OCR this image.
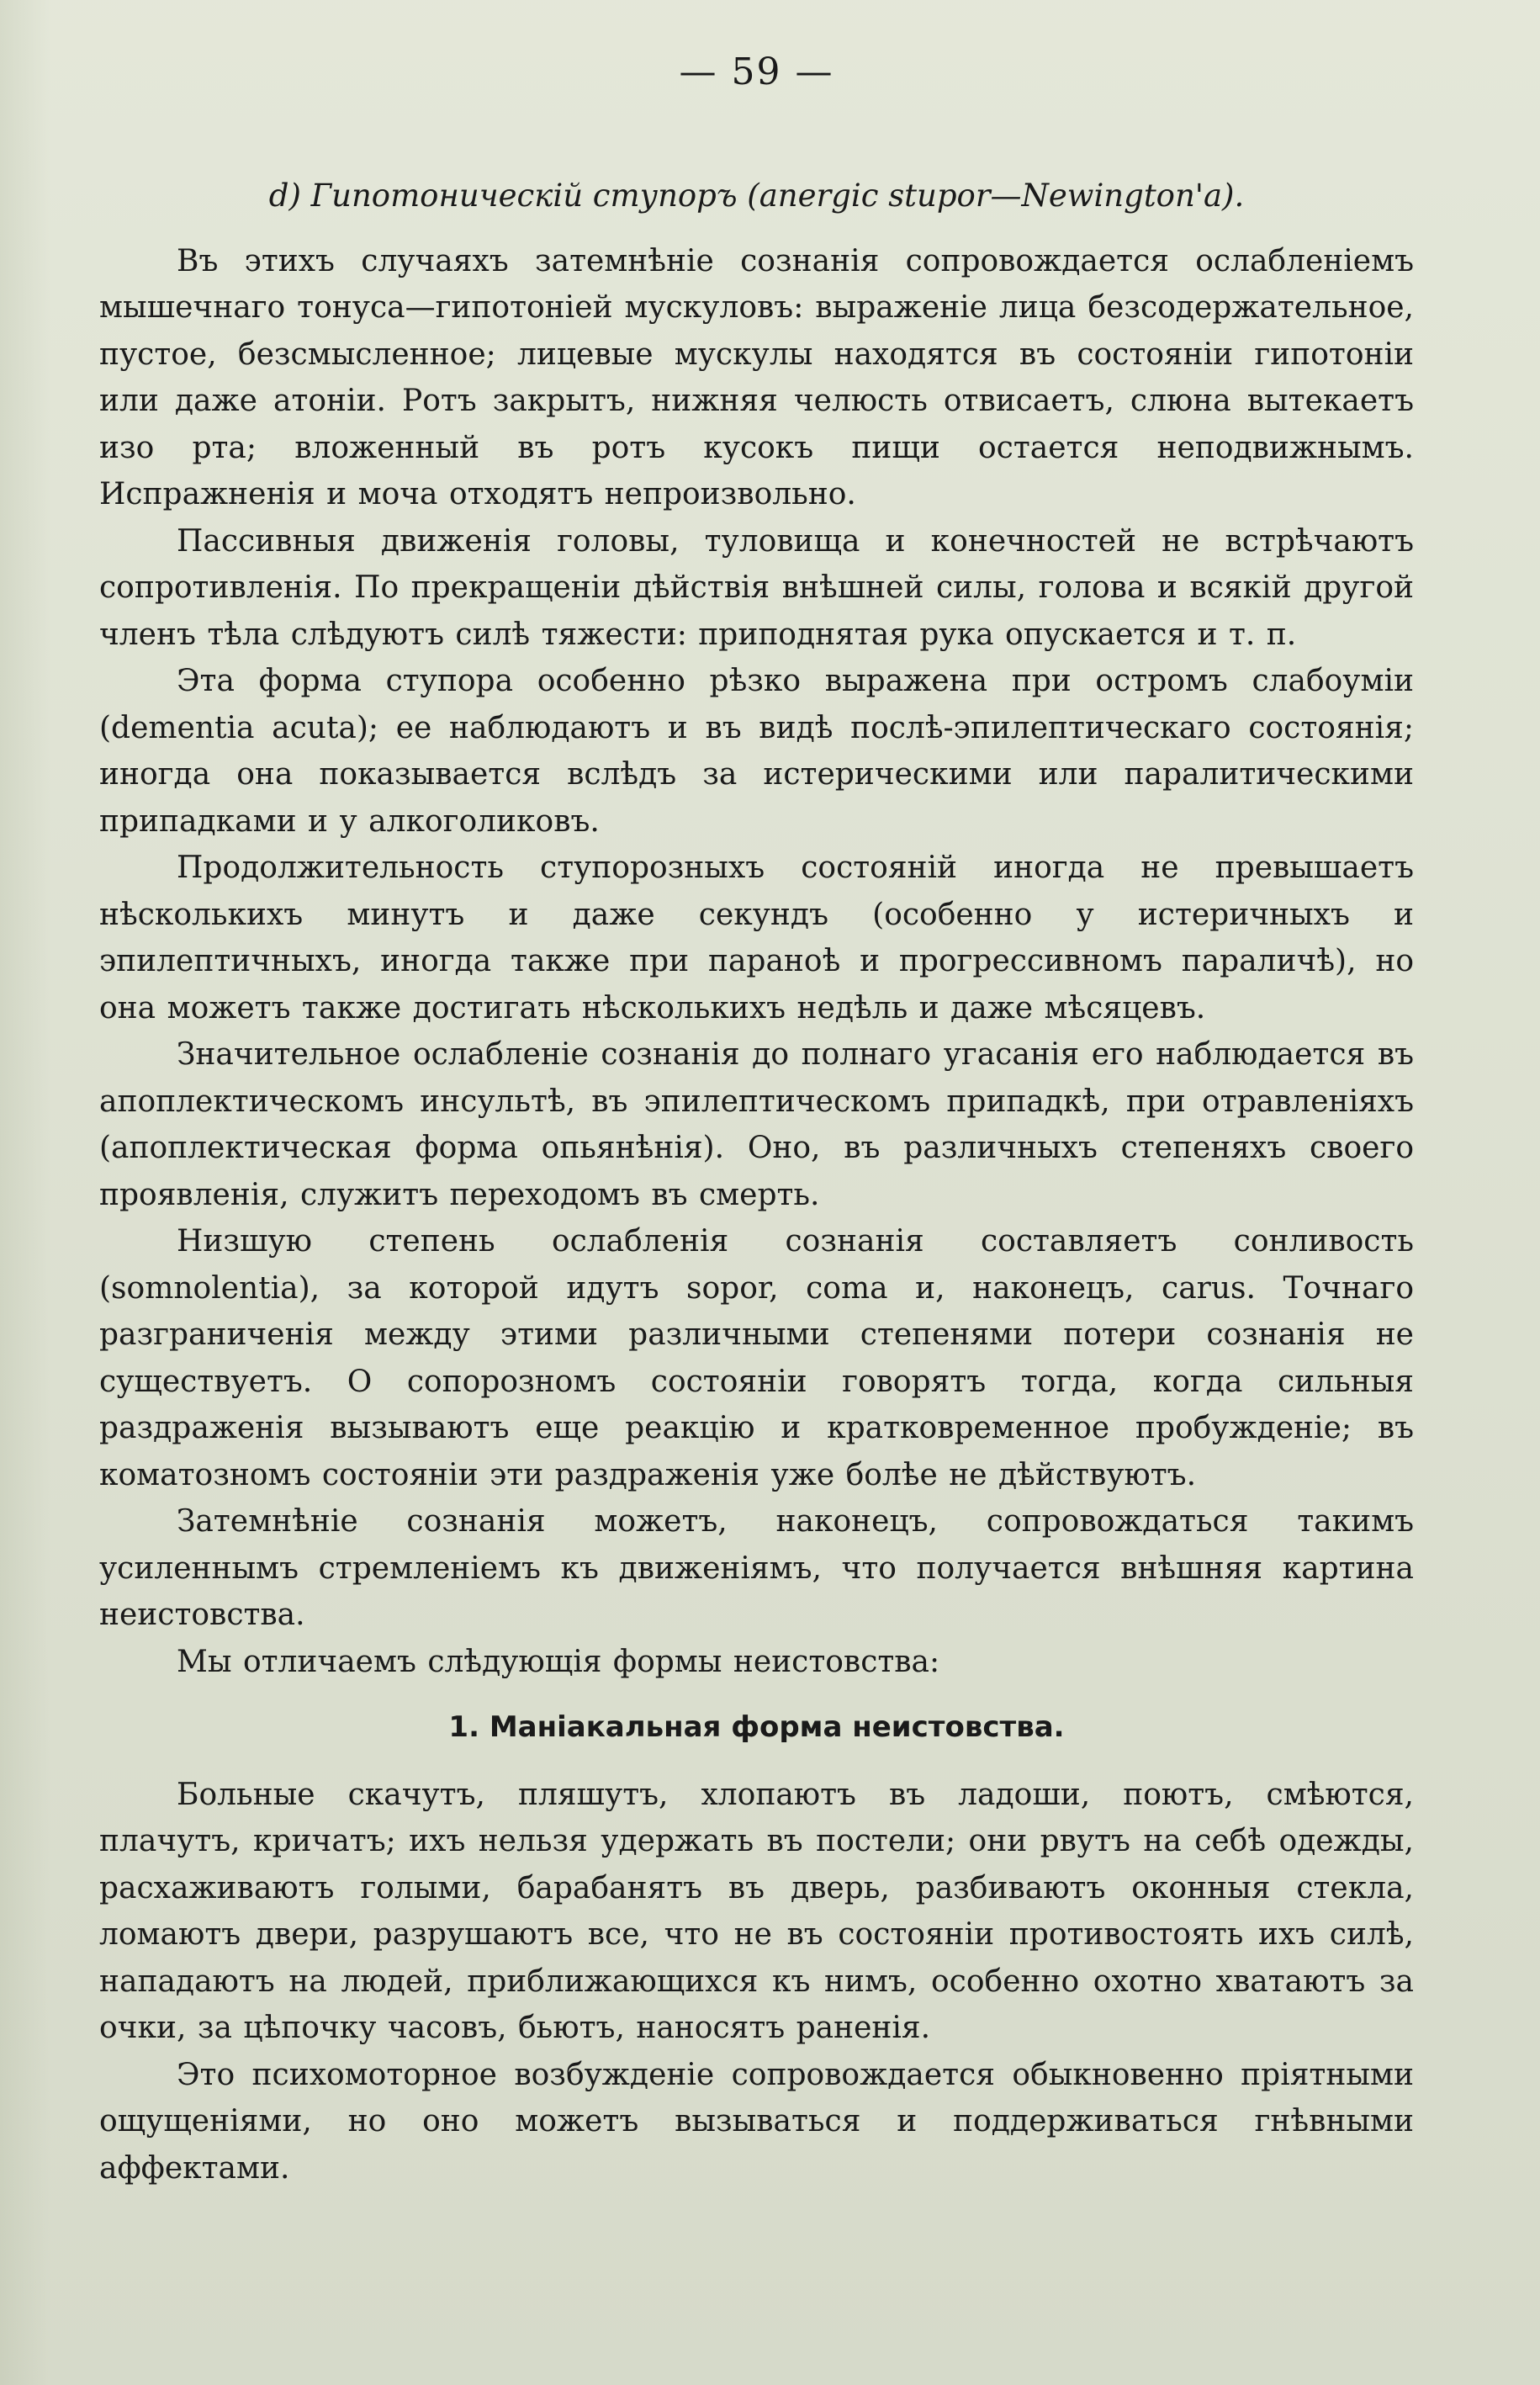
— 59 —
d) Гипотоническій ступоръ (anergic stupor—Newington'а).

Въ этихъ случаяхъ затемнѣніе сознанія сопровождается ослабленіемъ мышечнаго тонуса—гипотоніей мускуловъ: выраженіе лица безсодержательное, пустое, безсмысленное; лицевые мускулы находятся въ состояніи гипотоніи или даже атоніи. Ротъ закрытъ, нижняя челюсть отвисаетъ, слюна вытекаетъ изо рта; вложенный въ ротъ кусокъ пищи остается неподвижнымъ. Испражненія и моча отходятъ непроизвольно.

Пассивныя движенія головы, туловища и конечностей не встрѣчаютъ сопротивленія. По прекращеніи дѣйствія внѣшней силы, голова и всякій другой членъ тѣла слѣдуютъ силѣ тяжести: приподнятая рука опускается и т. п.

Эта форма ступора особенно рѣзко выражена при остромъ слабоуміи (dementia acuta); ее наблюдаютъ и въ видѣ послѣ-эпилептическаго состоянія; иногда она показывается вслѣдъ за истерическими или паралитическими припадками и у алкоголиковъ.

Продолжительность ступорозныхъ состояній иногда не превышаетъ нѣсколькихъ минутъ и даже секундъ (особенно у истеричныхъ и эпилептичныхъ, иногда также при паранoѣ и прогрессивномъ параличѣ), но она можетъ также достигать нѣсколькихъ недѣль и даже мѣсяцевъ.

Значительное ослабленіе сознанія до полнаго угасанія его наблюдается въ апоплектическомъ инсультѣ, въ эпилептическомъ припадкѣ, при отравленіяхъ (апоплектическая форма опьянѣнія). Оно, въ различныхъ степеняхъ своего проявленія, служитъ переходомъ въ смерть.

Низшую степень ослабленія сознанія составляетъ сонливость (somnolentia), за которой идутъ sopor, coma и, наконецъ, carus. Точнаго разграниченія между этими различными степенями потери сознанія не существуетъ. О сопорозномъ состояніи говорятъ тогда, когда сильныя раздраженія вызываютъ еще реакцію и кратковременное пробужденіе; въ коматозномъ состояніи эти раздраженія уже болѣе не дѣйствуютъ.

Затемнѣніе сознанія можетъ, наконецъ, сопровождаться такимъ усиленнымъ стремленіемъ къ движеніямъ, что получается внѣшняя картина неистовства.

Мы отличаемъ слѣдующія формы неистовства:

1. Маніакальная форма неистовства.

Больные скачутъ, пляшутъ, хлопаютъ въ ладоши, поютъ, смѣются, плачутъ, кричатъ; ихъ нельзя удержать въ постели; они рвутъ на себѣ одежды, расхаживаютъ голыми, барабанятъ въ дверь, разбиваютъ оконныя стекла, ломаютъ двери, разрушаютъ все, что не въ состояніи противостоять ихъ силѣ, нападаютъ на людей, приближающихся къ нимъ, особенно охотно хватаютъ за очки, за цѣпочку часовъ, бьютъ, наносятъ раненія.

Это психомоторное возбужденіе сопровождается обыкновенно пріятными ощущеніями, но оно можетъ вызываться и поддерживаться гнѣвными аффектами.
